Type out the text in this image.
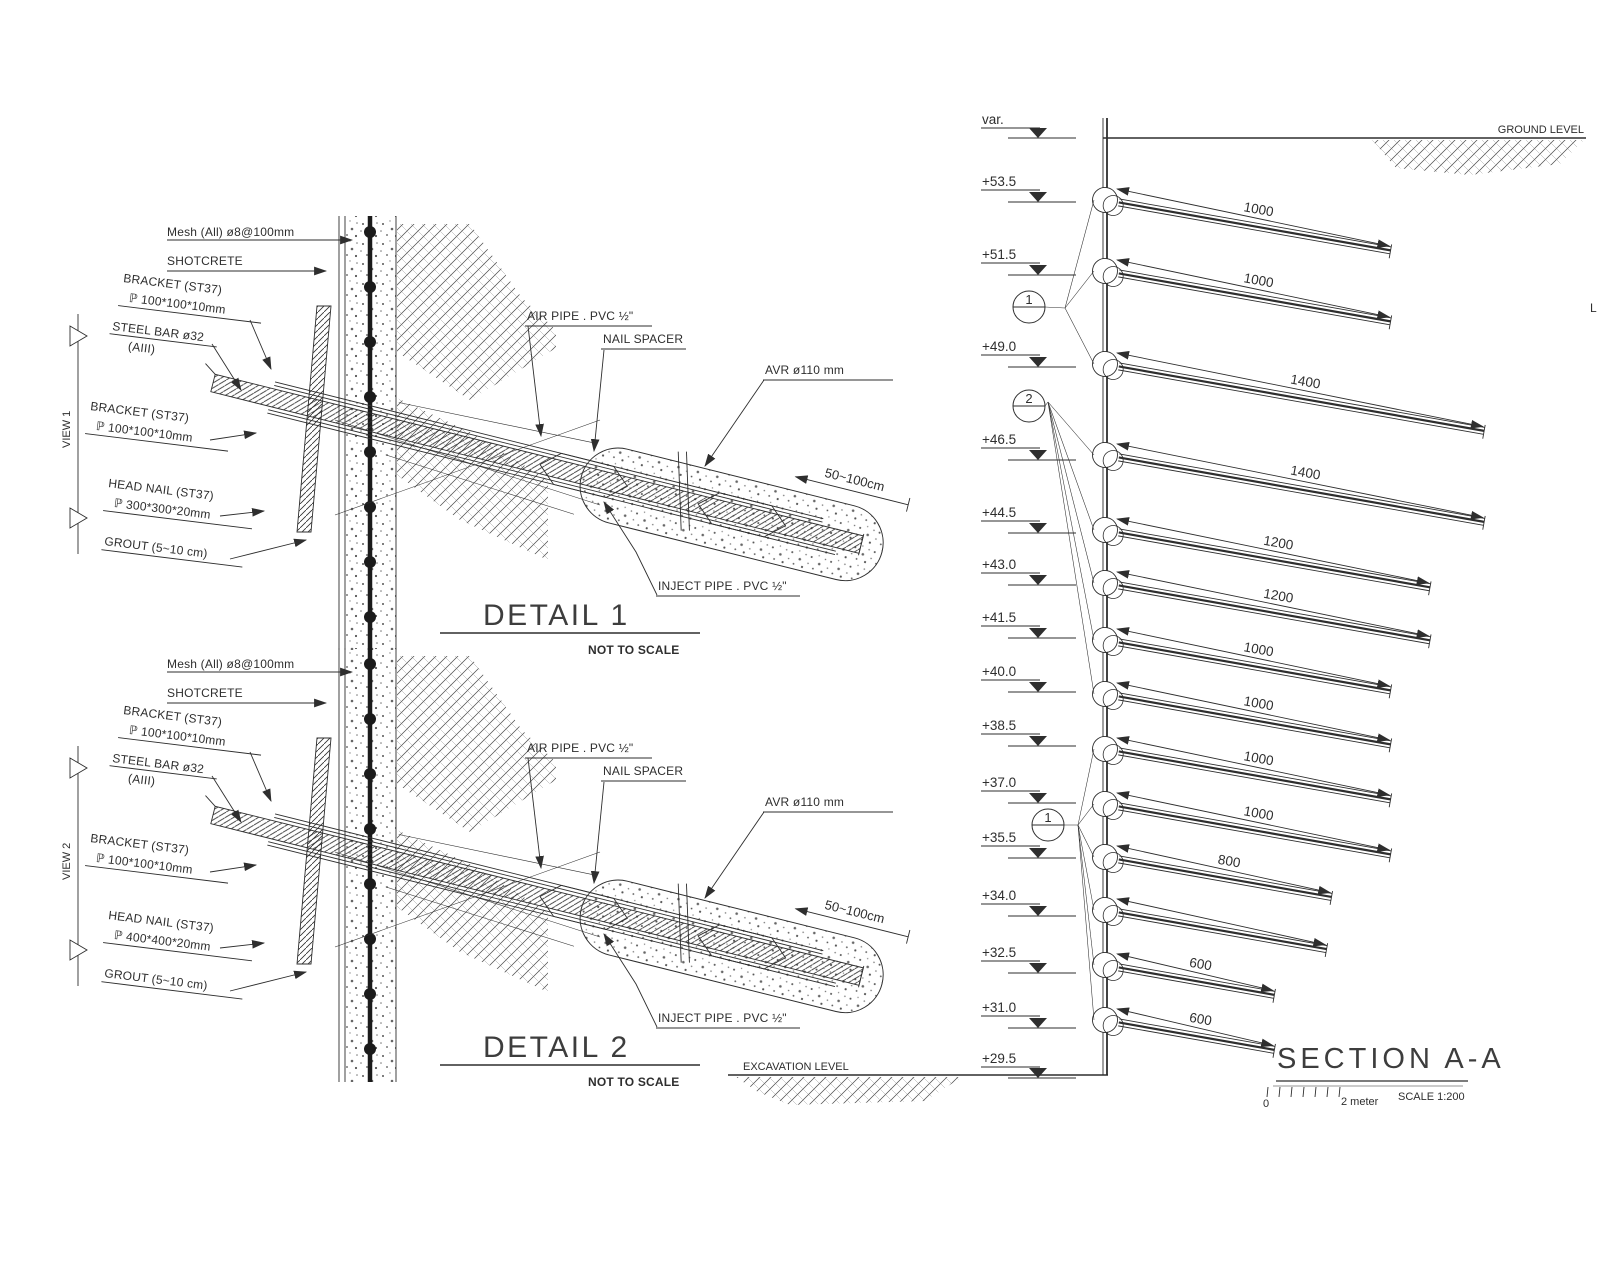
50~100cm
Mesh (All) ø8@100mm
SHOTCRETE
BRACKET (ST37)
ℙ 100*100*10mm
STEEL BAR ø32
(AIII)
BRACKET (ST37)
ℙ 100*100*10mm
HEAD NAIL (ST37)
ℙ 300*300*20mm
GROUT (5~10 cm)
AIR PIPE . PVC ½"
NAIL SPACER
AVR ø110 mm
INJECT PIPE . PVC ½"
DETAIL 1
NOT TO SCALE
VIEW 1
50~100cm
Mesh (All) ø8@100mm
SHOTCRETE
BRACKET (ST37)
ℙ 100*100*10mm
STEEL BAR ø32
(AIII)
BRACKET (ST37)
ℙ 100*100*10mm
HEAD NAIL (ST37)
ℙ 400*400*20mm
GROUT (5~10 cm)
AIR PIPE . PVC ½"
NAIL SPACER
AVR ø110 mm
INJECT PIPE . PVC ½"
DETAIL 2
NOT TO SCALE
VIEW 2
GROUND LEVEL
EXCAVATION LEVEL
L
SECTION A-A
0	2 meter SCALE 1:200
var.
+53.5
1000
+51.5
1000
+49.0
1400
+46.5
1400
+44.5
1200
+43.0
1200
+41.5
1000
+40.0
1000
+38.5
1000
+37.0
1000
+35.5
800
+34.0
+32.5
600
+31.0
600
+29.5
1
2
1
